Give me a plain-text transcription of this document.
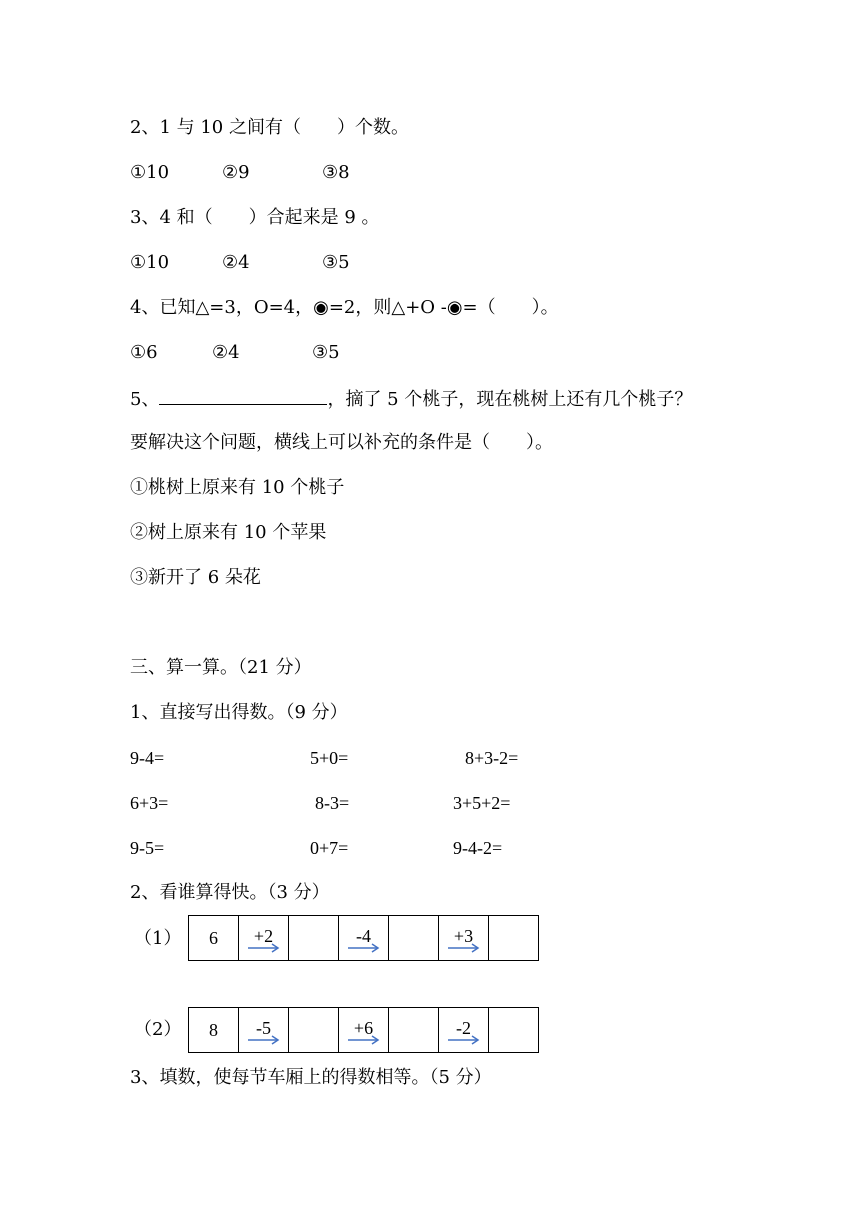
2、1 与 10 之间有（　　）个数。
①10	②9	③8
3、4 和（　　）合起来是 9 。
①10	②4	③5
4、已知△=3，O=4，◉=2，则△+O -◉=（　　）。
①6	②4	③5
5、	，摘了 5 个桃子，现在桃树上还有几个桃子？
要解决这个问题，横线上可以补充的条件是（　　）。
①桃树上原来有 10 个桃子
②树上原来有 10 个苹果
③新开了 6 朵花
三、算一算。（21 分）
1、直接写出得数。（9 分）
9-4=	5+0=	8+3-2=
6+3=	8-3=	3+5+2=
9-5=	0+7=	9-4-2=
2、看谁算得快。（3 分）
（1） 6	+2		-4		+3

（2） 8	-5		+6		-2

3、填数，使每节车厢上的得数相等。（5 分）
